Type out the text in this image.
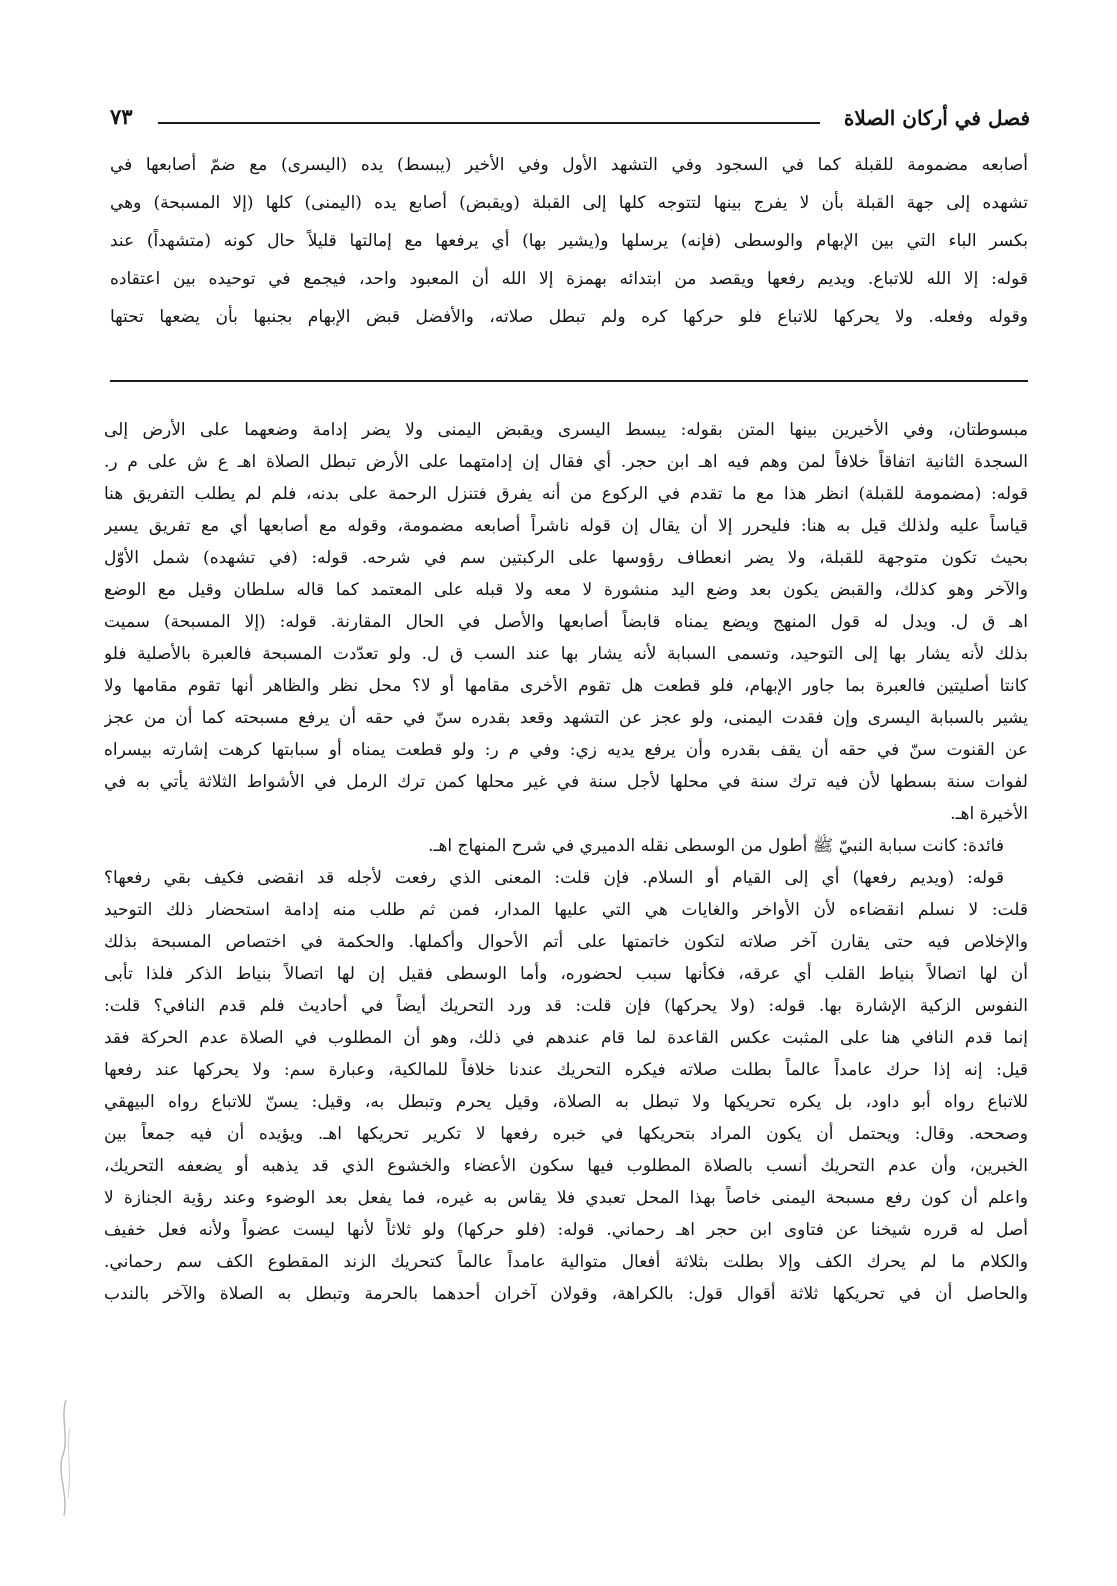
فصل في أركان الصلاة
٧٣
أصابعه مضمومة للقبلة كما في السجود وفي التشهد الأول وفي الأخير (يبسط) يده (اليسرى) مع ضمّ أصابعها في
تشهده إلى جهة القبلة بأن لا يفرج بينها لتتوجه كلها إلى القبلة (ويقبض) أصابع يده (اليمنى) كلها (إلا المسبحة) وهي
بكسر الباء التي بين الإبهام والوسطى (فإنه) يرسلها و(يشير بها) أي يرفعها مع إمالتها قليلاً حال كونه (متشهداً) عند
قوله: إلا الله للاتباع. ويديم رفعها ويقصد من ابتدائه بهمزة إلا الله أن المعبود واحد، فيجمع في توحيده بين اعتقاده
وقوله وفعله. ولا يحركها للاتباع فلو حركها كره ولم تبطل صلاته، والأفضل قبض الإبهام بجنبها بأن يضعها تحتها
مبسوطتان، وفي الأخيرين بينها المتن بقوله: يبسط اليسرى ويقبض اليمنى ولا يضر إدامة وضعهما على الأرض إلى
السجدة الثانية اتفاقاً خلافاً لمن وهم فيه اهـ ابن حجر. أي فقال إن إدامتهما على الأرض تبطل الصلاة اهـ ع ش على م ر.
قوله: (مضمومة للقبلة) انظر هذا مع ما تقدم في الركوع من أنه يفرق فتنزل الرحمة على بدنه، فلم لم يطلب التفريق هنا
قياساً عليه ولذلك قيل به هنا: فليحرر إلا أن يقال إن قوله ناشراً أصابعه مضمومة، وقوله مع أصابعها أي مع تفريق يسير
بحيث تكون متوجهة للقبلة، ولا يضر انعطاف رؤوسها على الركبتين سم في شرحه. قوله: (في تشهده) شمل الأوّل
والآخر وهو كذلك، والقبض يكون بعد وضع اليد منشورة لا معه ولا قبله على المعتمد كما قاله سلطان وقيل مع الوضع
اهـ ق ل. ويدل له قول المنهج ويضع يمناه قابضاً أصابعها والأصل في الحال المقارنة. قوله: (إلا المسبحة) سميت
بذلك لأنه يشار بها إلى التوحيد، وتسمى السبابة لأنه يشار بها عند السب ق ل. ولو تعدّدت المسبحة فالعبرة بالأصلية فلو
كانتا أصليتين فالعبرة بما جاور الإبهام، فلو قطعت هل تقوم الأخرى مقامها أو لا؟ محل نظر والظاهر أنها تقوم مقامها ولا
يشير بالسبابة اليسرى وإن فقدت اليمنى، ولو عجز عن التشهد وقعد بقدره سنّ في حقه أن يرفع مسبحته كما أن من عجز
عن القنوت سنّ في حقه أن يقف بقدره وأن يرفع يديه زي: وفي م ر: ولو قطعت يمناه أو سبابتها كرهت إشارته بيسراه
لفوات سنة بسطها لأن فيه ترك سنة في محلها لأجل سنة في غير محلها كمن ترك الرمل في الأشواط الثلاثة يأتي به في
الأخيرة اهـ.
فائدة: كانت سبابة النبيّ ﷺ أطول من الوسطى نقله الدميري في شرح المنهاج اهـ.
قوله: (ويديم رفعها) أي إلى القيام أو السلام. فإن قلت: المعنى الذي رفعت لأجله قد انقضى فكيف بقي رفعها؟
قلت: لا نسلم انقضاءه لأن الأواخر والغايات هي التي عليها المدار، فمن ثم طلب منه إدامة استحضار ذلك التوحيد
والإخلاص فيه حتى يقارن آخر صلاته لتكون خاتمتها على أتم الأحوال وأكملها. والحكمة في اختصاص المسبحة بذلك
أن لها اتصالاً بنياط القلب أي عرقه، فكأنها سبب لحضوره، وأما الوسطى فقيل إن لها اتصالاً بنياط الذكر فلذا تأبى
النفوس الزكية الإشارة بها. قوله: (ولا يحركها) فإن قلت: قد ورد التحريك أيضاً في أحاديث فلم قدم النافي؟ قلت:
إنما قدم النافي هنا على المثبت عكس القاعدة لما قام عندهم في ذلك، وهو أن المطلوب في الصلاة عدم الحركة فقد
قيل: إنه إذا حرك عامداً عالماً بطلت صلاته فيكره التحريك عندنا خلافاً للمالكية، وعبارة سم: ولا يحركها عند رفعها
للاتباع رواه أبو داود، بل يكره تحريكها ولا تبطل به الصلاة، وقيل يحرم وتبطل به، وقيل: يسنّ للاتباع رواه البيهقي
وصححه. وقال: ويحتمل أن يكون المراد بتحريكها في خبره رفعها لا تكرير تحريكها اهـ. ويؤيده أن فيه جمعاً بين
الخبرين، وأن عدم التحريك أنسب بالصلاة المطلوب فيها سكون الأعضاء والخشوع الذي قد يذهبه أو يضعفه التحريك،
واعلم أن كون رفع مسبحة اليمنى خاصاً بهذا المحل تعبدي فلا يقاس به غيره، فما يفعل بعد الوضوء وعند رؤية الجنازة لا
أصل له قرره شيخنا عن فتاوى ابن حجر اهـ رحماني. قوله: (فلو حركها) ولو ثلاثاً لأنها ليست عضواً ولأنه فعل خفيف
والكلام ما لم يحرك الكف وإلا بطلت بثلاثة أفعال متوالية عامداً عالماً كتحريك الزند المقطوع الكف سم رحماني.
والحاصل أن في تحريكها ثلاثة أقوال قول: بالكراهة، وقولان آخران أحدهما بالحرمة وتبطل به الصلاة والآخر بالندب
